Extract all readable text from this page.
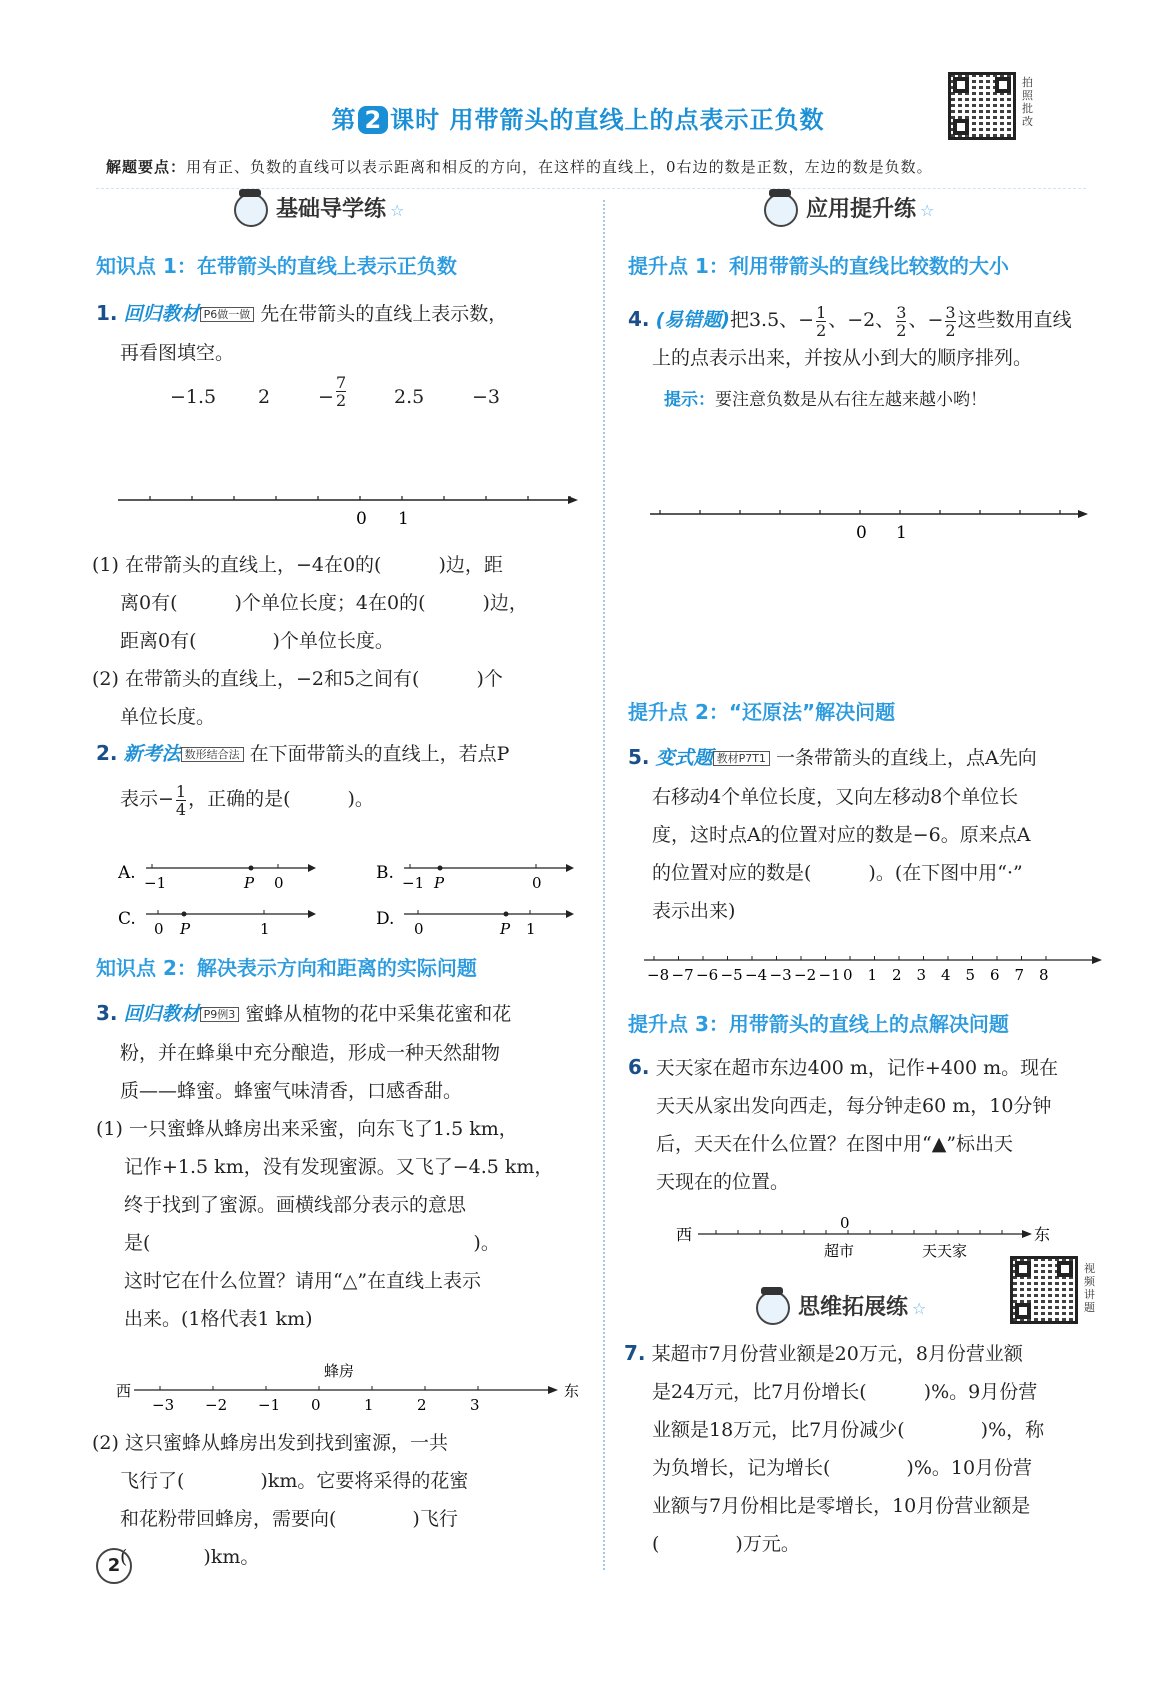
第 2 课时 用带箭头的直线上的点表示正负数
拍照批改
解题要点：用有正、负数的直线可以表示距离和相反的方向，在这样的直线上，0右边的数是正数，左边的数是负数。
基础导学练 ☆
知识点 1：在带箭头的直线上表示正负数
1. 回归教材 P6做一做 先在带箭头的直线上表示数，
再看图填空。
−1.5 2	− $\frac{7}{2}$	2.5	−3
0 1
(1) 在带箭头的直线上，−4在0的(　　　)边，距
离0有(　　　)个单位长度；4在0的(　　　)边，
距离0有(　　　　)个单位长度。
(2) 在带箭头的直线上，−2和5之间有(　　　)个
单位长度。
2. 新考法 数形结合法 在下面带箭头的直线上，若点P
表示− $\frac{1}{4}$ ，正确的是(　　　)。
A. −1	P 0	B. −1 P	0
C. 0 P	1	D. 0	P 1
知识点 2：解决表示方向和距离的实际问题
3. 回归教材 P9例3 蜜蜂从植物的花中采集花蜜和花
粉，并在蜂巢中充分酿造，形成一种天然甜物
质——蜂蜜。蜂蜜气味清香，口感香甜。
(1) 一只蜜蜂从蜂房出来采蜜，向东飞了1.5 km，
记作+1.5 km，没有发现蜜源。又飞了−4.5 km，
终于找到了蜜源。画横线部分表示的意思
是(　　　　　　　　　　　　　　　　　)。
这时它在什么位置？请用“△”在直线上表示
出来。(1格代表1 km)
蜂房
西	东
−3 −2 −1 0	1	2	3
(2) 这只蜜蜂从蜂房出发到找到蜜源，一共
飞行了(　　　　)km。它要将采得的花蜜
和花粉带回蜂房，需要向(　　　　)飞行
(　　　　)km。
2
应用提升练 ☆
提升点 1：利用带箭头的直线比较数的大小
4. (易错题)把3.5、− $\frac{1}{2}$ 、−2、 $\frac{3}{2}$ 、− $\frac{3}{2}$ 这些数用直线
上的点表示出来，并按从小到大的顺序排列。
提示：要注意负数是从右往左越来越小哟！
0 1
提升点 2：“还原法”解决问题
5. 变式题 教材P7T1 一条带箭头的直线上，点A先向
右移动4个单位长度，又向左移动8个单位长
度，这时点A的位置对应的数是−6。原来点A
的位置对应的数是(　　　)。(在下图中用“·”
表示出来)
−8 −7 −6 −5 −4 −3 −2 −1 0 1 2 3 4 5 6 7 8
提升点 3：用带箭头的直线上的点解决问题
6. 天天家在超市东边400 m，记作+400 m。现在
天天从家出发向西走，每分钟走60 m，10分钟
后，天天在什么位置？在图中用“▲”标出天
天现在的位置。
西	东
0
超市	天天家
思维拓展练 ☆
视频讲题
7. 某超市7月份营业额是20万元，8月份营业额
是24万元，比7月份增长(　　　)%。9月份营
业额是18万元，比7月份减少(　　　　)%，称
为负增长，记为增长(　　　　)%。10月份营
业额与7月份相比是零增长，10月份营业额是
(　　　　)万元。
